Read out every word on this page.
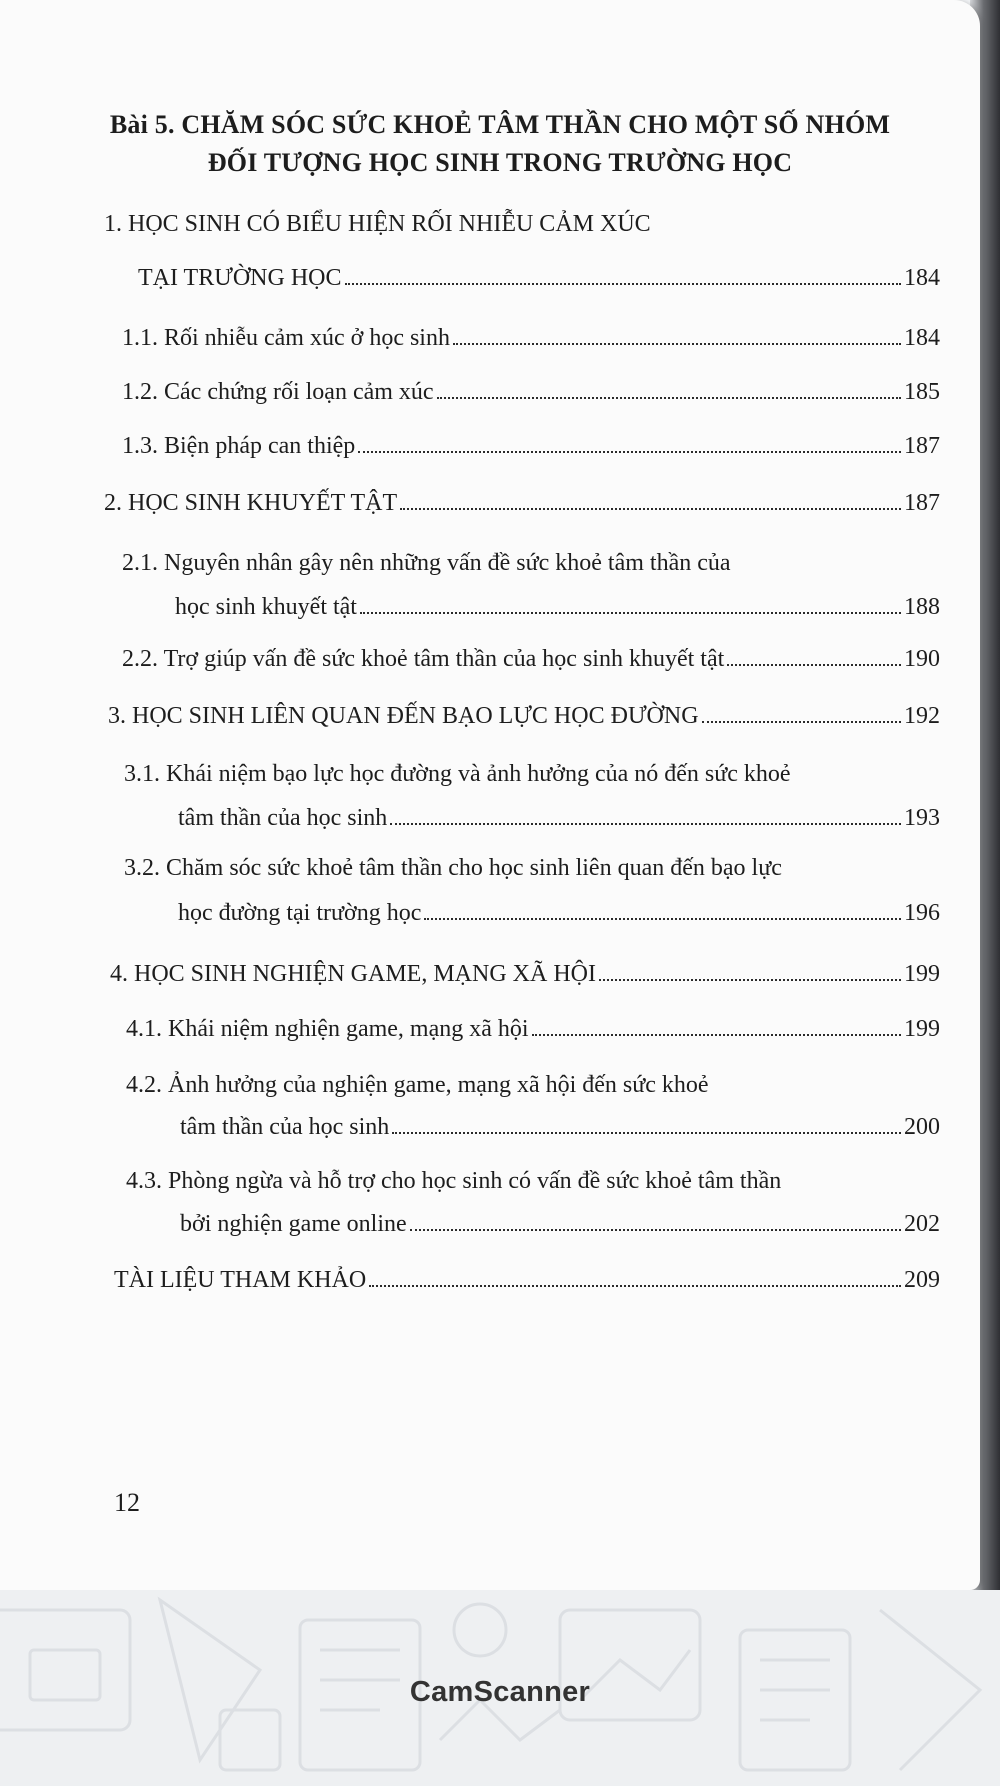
Bài 5. CHĂM SÓC SỨC KHOẺ TÂM THẦN CHO MỘT SỐ NHÓM
ĐỐI TƯỢNG HỌC SINH TRONG TRƯỜNG HỌC
1. HỌC SINH CÓ BIỂU HIỆN RỐI NHIỄU CẢM XÚC
TẠI TRƯỜNG HỌC	184
1.1. Rối nhiễu cảm xúc ở học sinh	184
1.2. Các chứng rối loạn cảm xúc	185
1.3. Biện pháp can thiệp	187
2. HỌC SINH KHUYẾT TẬT	187
2.1. Nguyên nhân gây nên những vấn đề sức khoẻ tâm thần của
học sinh khuyết tật	188
2.2. Trợ giúp vấn đề sức khoẻ tâm thần của học sinh khuyết tật	190
3. HỌC SINH LIÊN QUAN ĐẾN BẠO LỰC HỌC ĐƯỜNG	192
3.1. Khái niệm bạo lực học đường và ảnh hưởng của nó đến sức khoẻ
tâm thần của học sinh	193
3.2. Chăm sóc sức khoẻ tâm thần cho học sinh liên quan đến bạo lực
học đường tại trường học	196
4. HỌC SINH NGHIỆN GAME, MẠNG XÃ HỘI	199
4.1. Khái niệm nghiện game, mạng xã hội	199
4.2. Ảnh hưởng của nghiện game, mạng xã hội đến sức khoẻ
tâm thần của học sinh	200
4.3. Phòng ngừa và hỗ trợ cho học sinh có vấn đề sức khoẻ tâm thần
bởi nghiện game online	202
TÀI LIỆU THAM KHẢO	209
12
CamScanner
